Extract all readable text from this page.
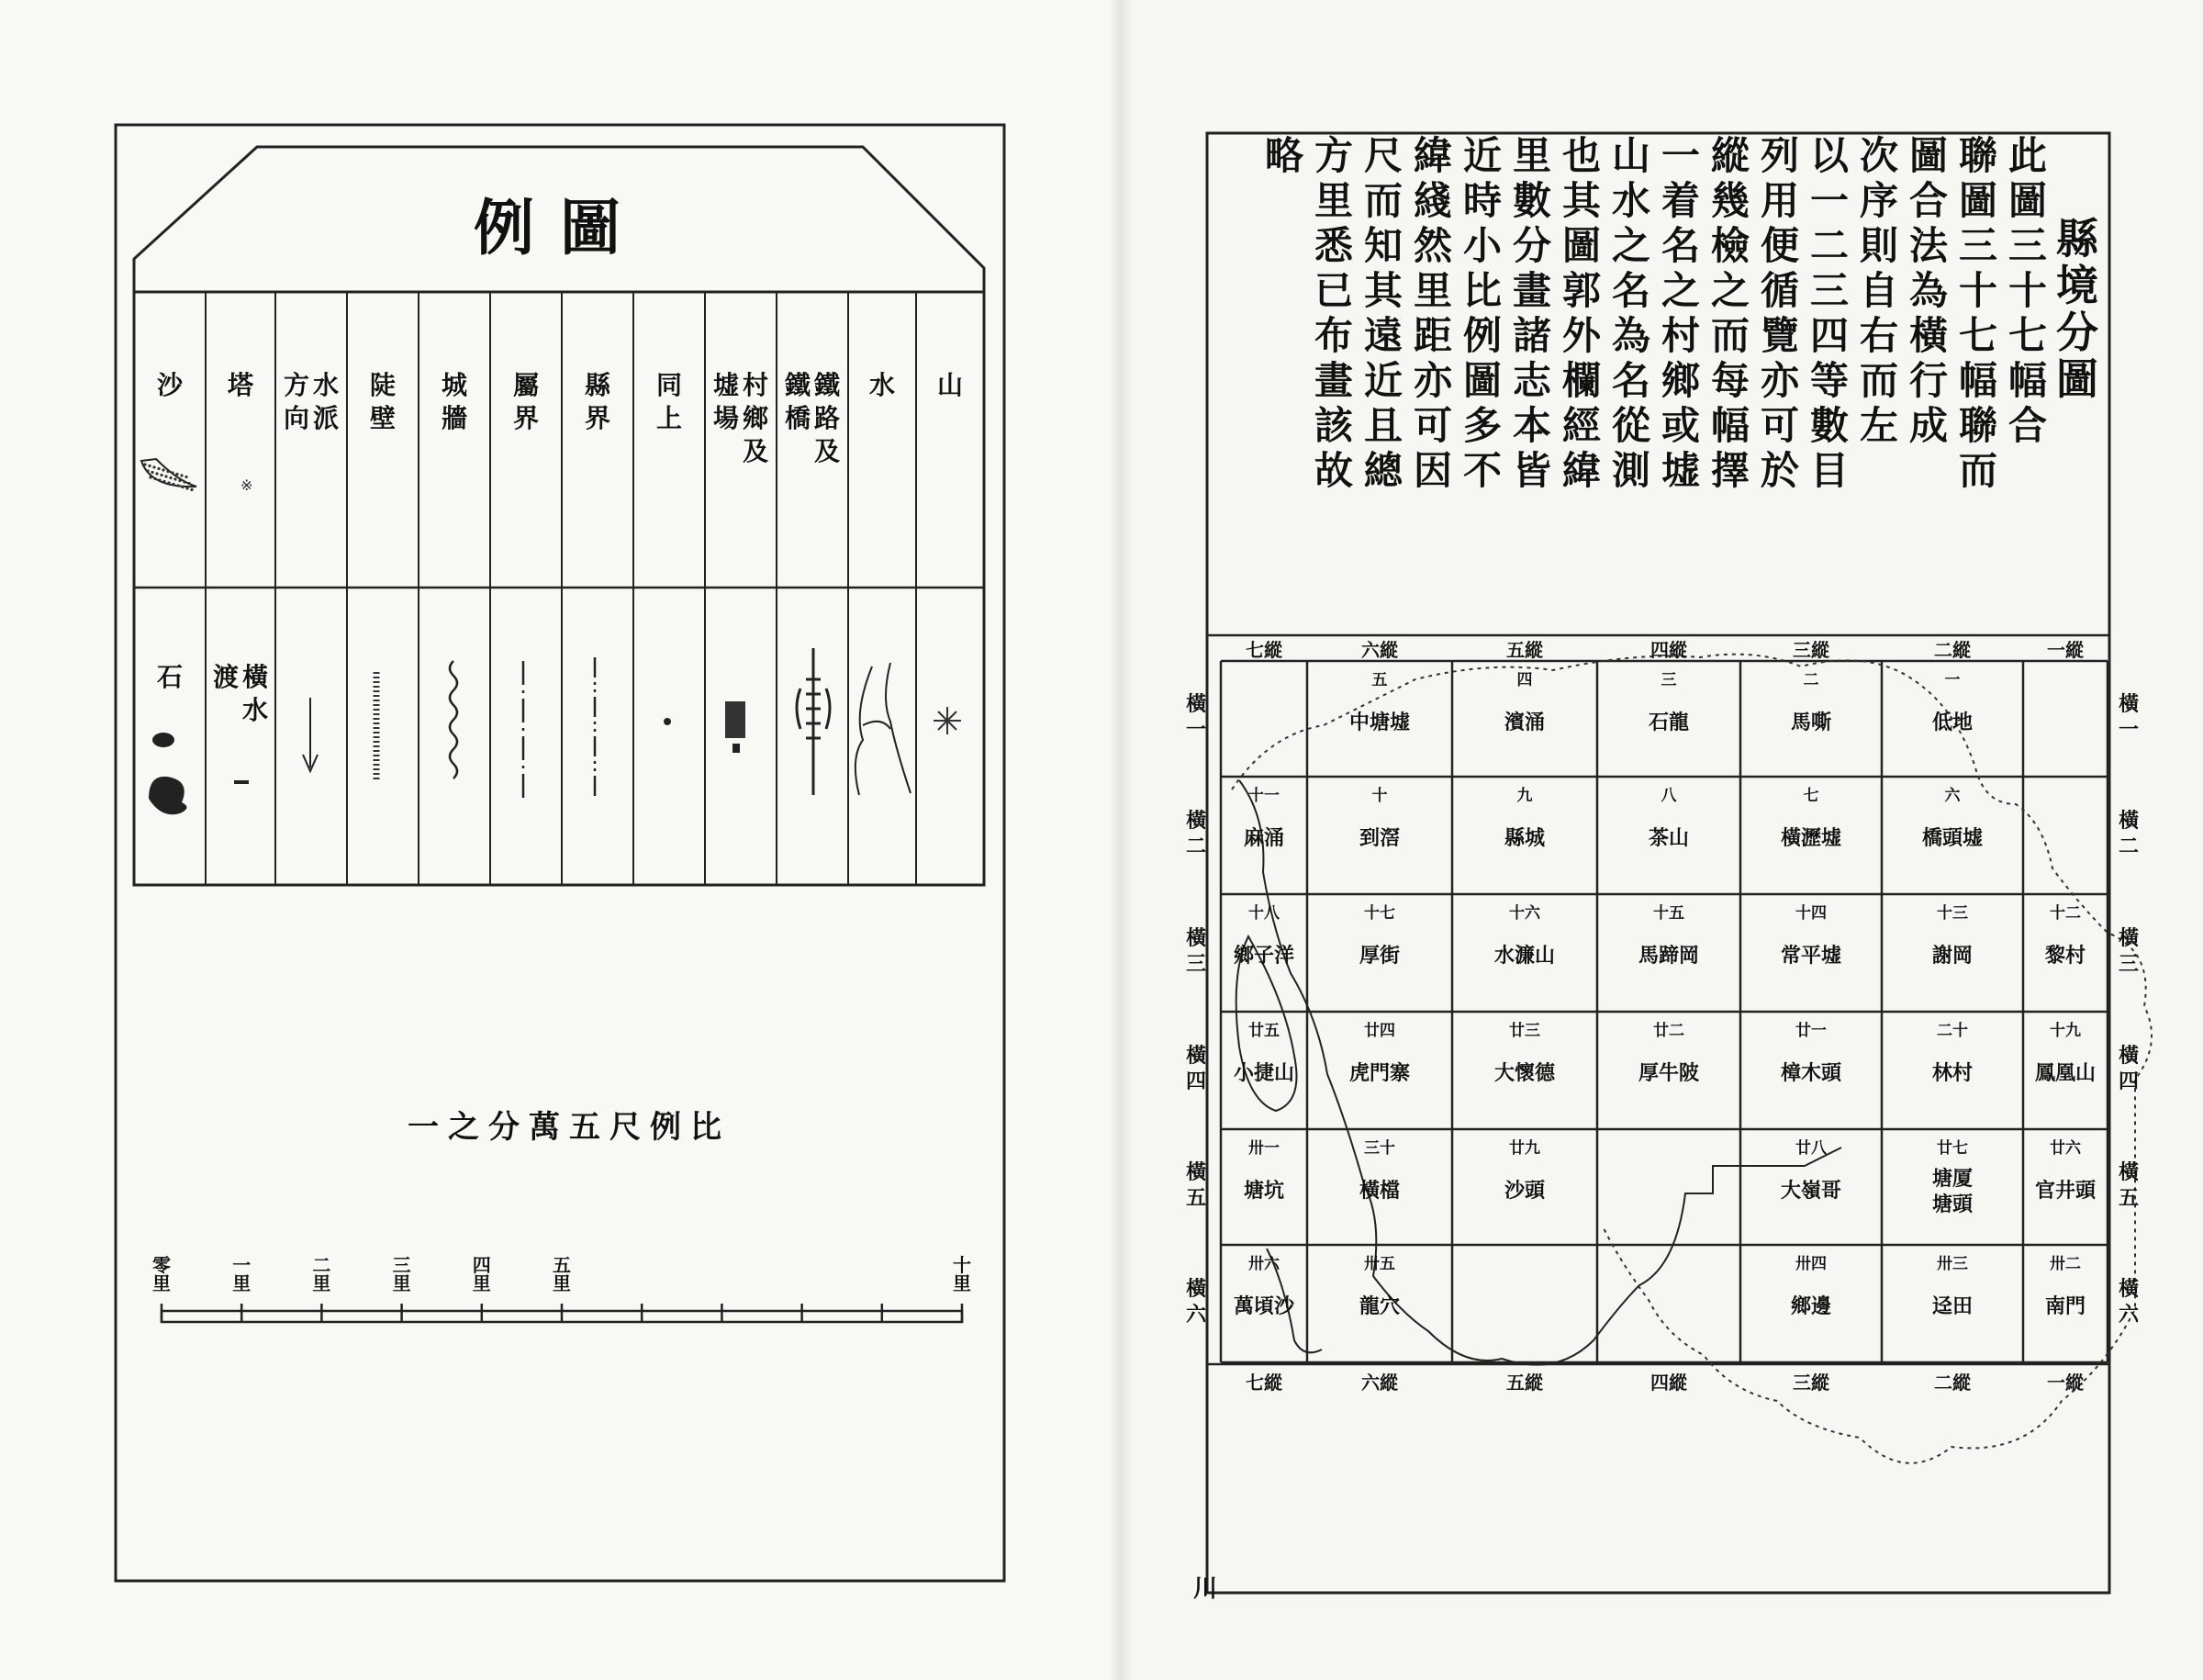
※
例圖
沙 塔 水
派
方
向
陡
壁
城
牆
屬
界
縣
界
同
上
村
鄉
及
墟
場
鐵
路
及
鐵
橋
水 山
石 橫
水
渡
一之分萬五尺例比
零
里
一
里
二
里
三
里
四
里
五
里
十
里
縣
境
分
圖
此
圖
三
十
七
幅
合
聯
圖
三
十
七
幅
聯
而
圖
合
法
為
橫
行
成
次
序
則
自
右
而
左
以
一
二
三
四
等
數
目
列
用
便
循
覽
亦
可
於
縱
幾
檢
之
而
每
幅
擇
一
着
名
之
村
鄉
或
墟
山
水
之
名
為
名
從
測
也
其
圖
郭
外
欄
經
緯
里
數
分
畫
諸
志
本
皆
近
時
小
比
例
圖
多
不
緯
綫
然
里
距
亦
可
因
尺
而
知
其
遠
近
且
總
方
里
悉
已
布
畫
該
故
略
七縱
七縱
六縱
六縱
五縱
五縱
四縱
四縱
三縱
三縱
二縱
二縱
一縱
一縱
橫
一
橫
一
橫
二
橫
二
橫
三
橫
三
橫
四
橫
四
橫
五
橫
五
橫
六
橫
六
五
中塘墟
四
濱涌
三
石龍
二
馬嘶
一
低地
十一
麻涌
十
到滘
九
縣城
八
茶山
七
橫瀝墟
六
橋頭墟
十八
鄉子洋
十七
厚街
十六
水濂山
十五
馬蹄岡
十四
常平墟
十三
謝岡
十二
黎村
廿五
小捷山
廿四
虎門寨
廿三
大懷德
廿二
厚牛陂
廿一
樟木頭
二十
林村
十九
鳳凰山
卅一
塘坑
三十
橫檔
廿九
沙頭
廿八
大嶺哥
廿七
塘厦
塘頭
廿六
官井頭
卅六
萬頃沙
卅五
龍穴
卅四
鄉邊
卅三
迳田
卅二
南門
川
分縣境分將表 其七行縱六上下 字編橫幾其中 鎮戍量例及有之 加經例比圖經從
